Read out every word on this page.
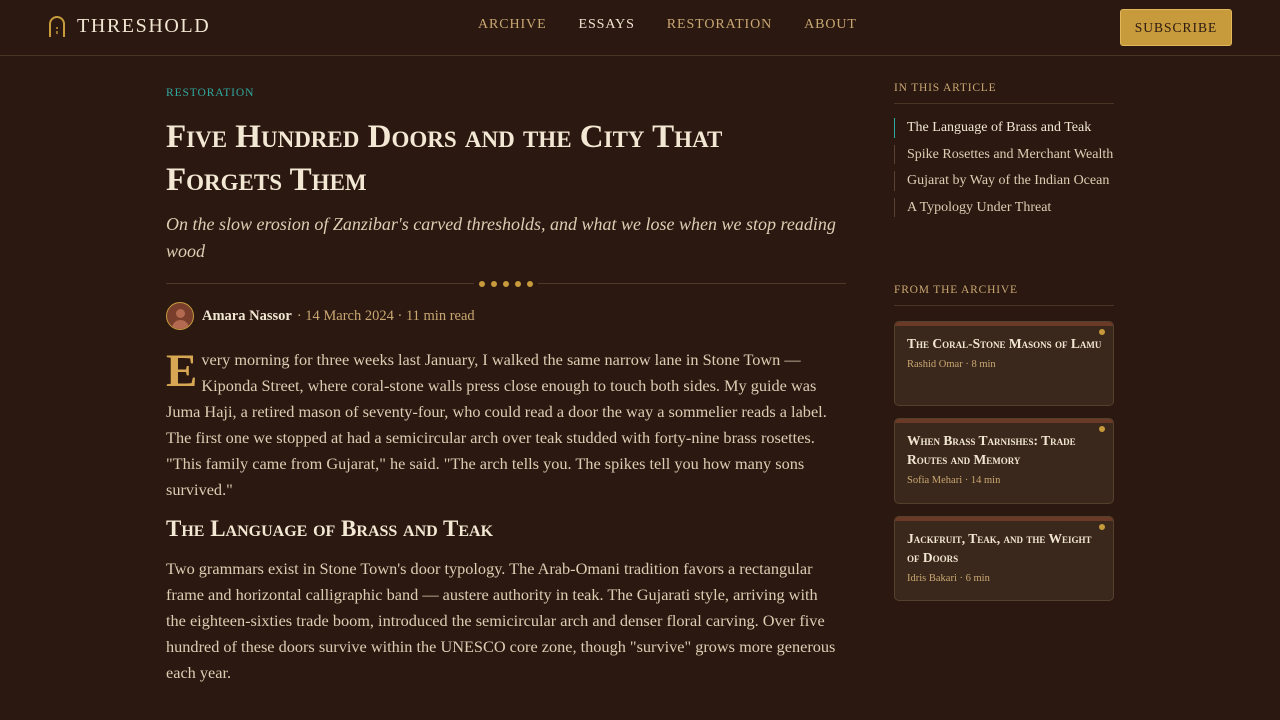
THRESHOLD	ARCHIVE ESSAYS RESTORATION ABOUT	SUBSCRIBE
RESTORATION
Five Hundred Doors and the City That Forgets Them

On the slow erosion of Zanzibar's carved thresholds, and what we lose when we stop reading wood

Amara Nassor · 14 March 2024 · 11 min read

Every morning for three weeks last January, I walked the same narrow lane in Stone Town — Kiponda Street, where coral-stone walls press close enough to touch both sides. My guide was Juma Haji, a retired mason of seventy-four, who could read a door the way a sommelier reads a label. The first one we stopped at had a semicircular arch over teak studded with forty-nine brass rosettes. "This family came from Gujarat," he said. "The arch tells you. The spikes tell you how many sons survived."

The Language of Brass and Teak

Two grammars exist in Stone Town's door typology. The Arab-Omani tradition favors a rectangular frame and horizontal calligraphic band — austere authority in teak. The Gujarati style, arriving with the eighteen-sixties trade boom, introduced the semicircular arch and denser floral carving. Over five hundred of these doors survive within the UNESCO core zone, though "survive" grows more generous each year.

IN THIS ARTICLE
The Language of Brass and Teak
Spike Rosettes and Merchant Wealth
Gujarat by Way of the Indian Ocean
A Typology Under Threat
FROM THE ARCHIVE
The Coral-Stone Masons of Lamu
Rashid Omar · 8 min
When Brass Tarnishes: Trade Routes and Memory
Sofia Mehari · 14 min
Jackfruit, Teak, and the Weight of Doors
Idris Bakari · 6 min
